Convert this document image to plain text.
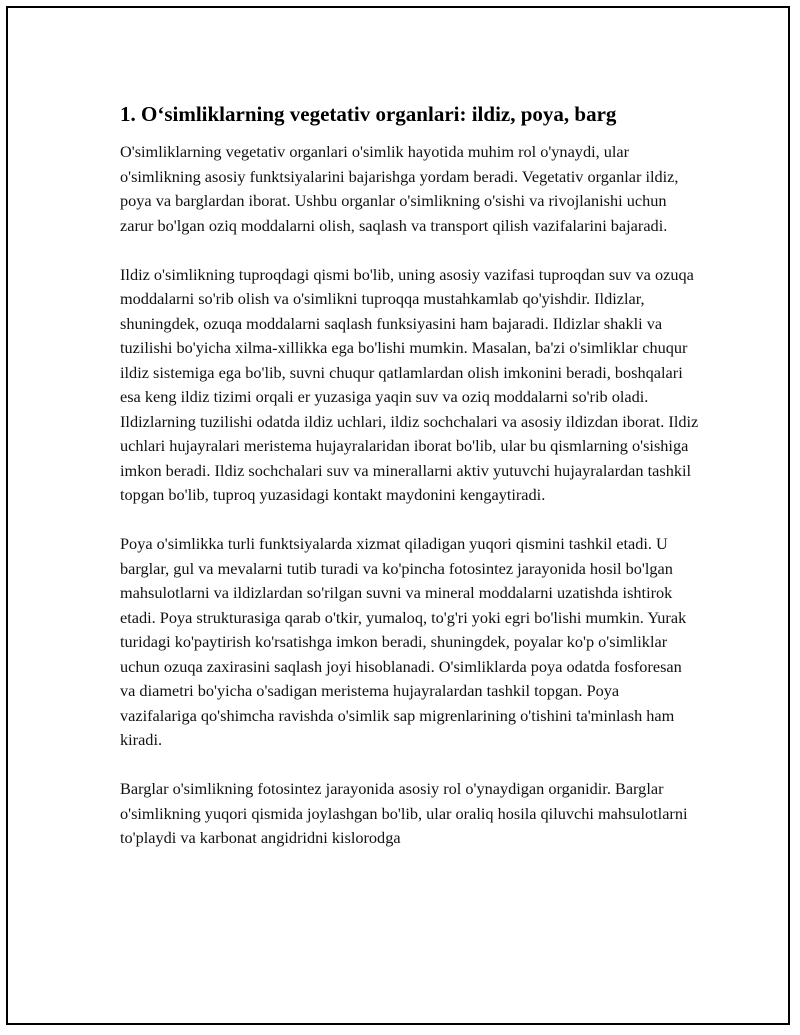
1. O‘simliklarning vegetativ organlari: ildiz, poya, barg

O'simliklarning vegetativ organlari o'simlik hayotida muhim rol o'ynaydi, ular o'simlikning asosiy funktsiyalarini bajarishga yordam beradi. Vegetativ organlar ildiz, poya va barglardan iborat. Ushbu organlar o'simlikning o'sishi va rivojlanishi uchun zarur bo'lgan oziq moddalarni olish, saqlash va transport qilish vazifalarini bajaradi.

Ildiz o'simlikning tuproqdagi qismi bo'lib, uning asosiy vazifasi tuproqdan suv va ozuqa moddalarni so'rib olish va o'simlikni tuproqqa mustahkamlab qo'yishdir. Ildizlar, shuningdek, ozuqa moddalarni saqlash funksiyasini ham bajaradi. Ildizlar shakli va tuzilishi bo'yicha xilma-xillikka ega bo'lishi mumkin. Masalan, ba'zi o'simliklar chuqur ildiz sistemiga ega bo'lib, suvni chuqur qatlamlardan olish imkonini beradi, boshqalari esa keng ildiz tizimi orqali er yuzasiga yaqin suv va oziq moddalarni so'rib oladi. Ildizlarning tuzilishi odatda ildiz uchlari, ildiz sochchalari va asosiy ildizdan iborat. Ildiz uchlari hujayralari meristema hujayralaridan iborat bo'lib, ular bu qismlarning o'sishiga imkon beradi. Ildiz sochchalari suv va minerallarni aktiv yutuvchi hujayralardan tashkil topgan bo'lib, tuproq yuzasidagi kontakt maydonini kengaytiradi.

Poya o'simlikka turli funktsiyalarda xizmat qiladigan yuqori qismini tashkil etadi. U barglar, gul va mevalarni tutib turadi va ko'pincha fotosintez jarayonida hosil bo'lgan mahsulotlarni va ildizlardan so'rilgan suvni va mineral moddalarni uzatishda ishtirok etadi. Poya strukturasiga qarab o'tkir, yumaloq, to'g'ri yoki egri bo'lishi mumkin. Yurak turidagi ko'paytirish ko'rsatishga imkon beradi, shuningdek, poyalar ko'p o'simliklar uchun ozuqa zaxirasini saqlash joyi hisoblanadi. O'simliklarda poya odatda fosforesan va diametri bo'yicha o'sadigan meristema hujayralardan tashkil topgan. Poya vazifalariga qo'shimcha ravishda o'simlik sap migrenlarining o'tishini ta'minlash ham kiradi.

Barglar o'simlikning fotosintez jarayonida asosiy rol o'ynaydigan organidir. Barglar o'simlikning yuqori qismida joylashgan bo'lib, ular oraliq hosila qiluvchi mahsulotlarni to'playdi va karbonat angidridni kislorodga
